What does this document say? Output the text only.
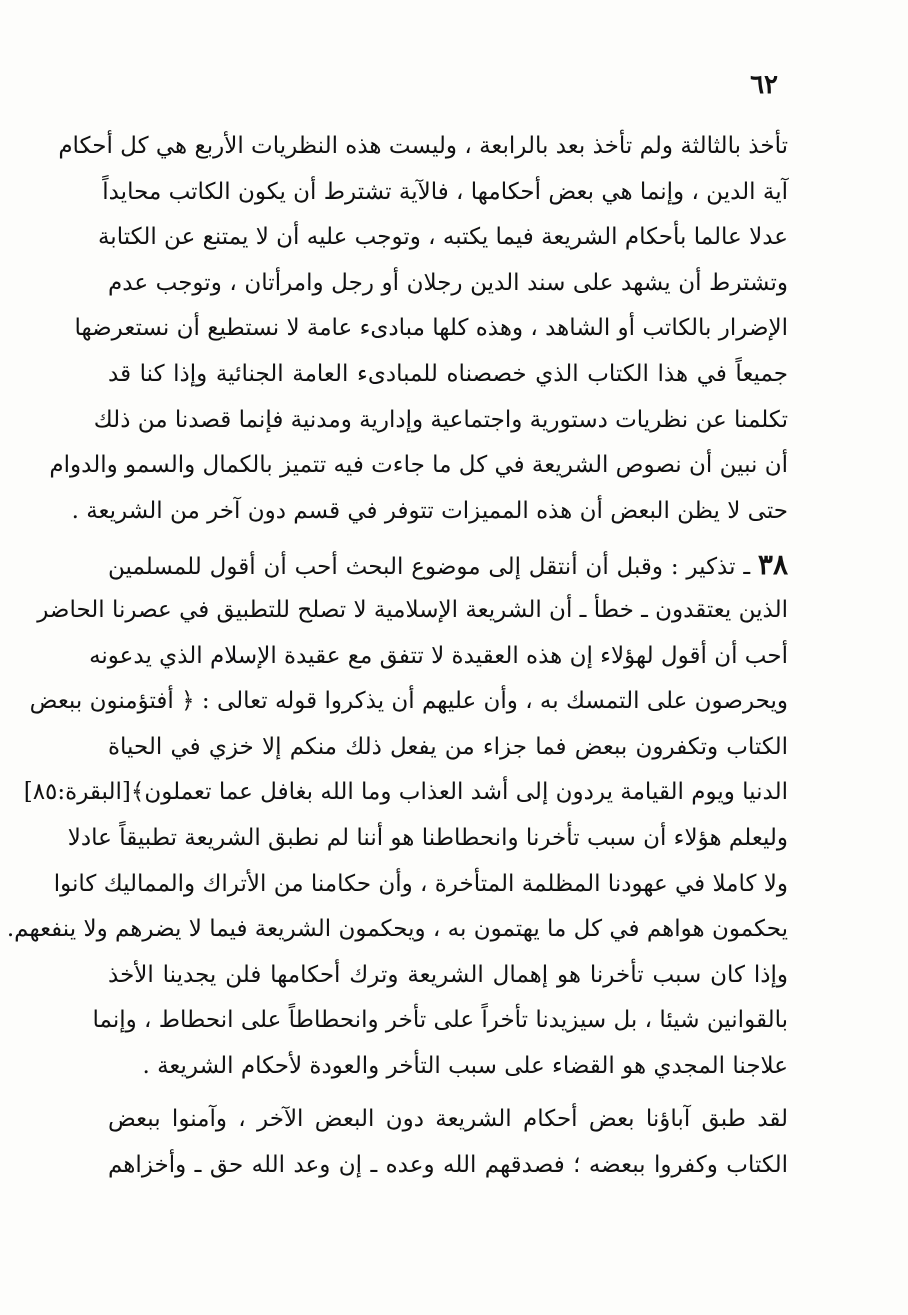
٦٢
تأخذ بالثالثة ولم تأخذ بعد بالرابعة ، وليست هذه النظريات الأربع هي كل أحكام
آية الدين ، وإنما هي بعض أحكامها ، فالآية تشترط أن يكون الكاتب محايداً
عدلا عالما بأحكام الشريعة فيما يكتبه ، وتوجب عليه أن لا يمتنع عن الكتابة
وتشترط أن يشهد على سند الدين رجلان أو رجل وامرأتان ، وتوجب عدم
الإضرار بالكاتب أو الشاهد ، وهذه كلها مبادىء عامة لا نستطيع أن نستعرضها
جميعاً في هذا الكتاب الذي خصصناه للمبادىء العامة الجنائية وإذا كنا قد
تكلمنا عن نظريات دستورية واجتماعية وإدارية ومدنية فإنما قصدنا من ذلك
أن نبين أن نصوص الشريعة في كل ما جاءت فيه تتميز بالكمال والسمو والدوام
حتى لا يظن البعض أن هذه المميزات تتوفر في قسم دون آخر من الشريعة .
٣٨ ـ تذكير : وقبل أن أنتقل إلى موضوع البحث أحب أن أقول للمسلمين
الذين يعتقدون ـ خطأ ـ أن الشريعة الإسلامية لا تصلح للتطبيق في عصرنا الحاضر
أحب أن أقول لهؤلاء إن هذه العقيدة لا تتفق مع عقيدة الإسلام الذي يدعونه
ويحرصون على التمسك به ، وأن عليهم أن يذكروا قوله تعالى : ﴿ أفتؤمنون ببعض
الكتاب وتكفرون ببعض فما جزاء من يفعل ذلك منكم إلا خزي في الحياة
الدنيا ويوم القيامة يردون إلى أشد العذاب وما الله بغافل عما تعملون﴾[البقرة:٨٥]
وليعلم هؤلاء أن سبب تأخرنا وانحطاطنا هو أننا لم نطبق الشريعة تطبيقاً عادلا
ولا كاملا في عهودنا المظلمة المتأخرة ، وأن حكامنا من الأتراك والمماليك كانوا
يحكمون هواهم في كل ما يهتمون به ، ويحكمون الشريعة فيما لا يضرهم ولا ينفعهم.
وإذا كان سبب تأخرنا هو إهمال الشريعة وترك أحكامها فلن يجدينا الأخذ
بالقوانين شيئا ، بل سيزيدنا تأخراً على تأخر وانحطاطاً على انحطاط ، وإنما
علاجنا المجدي هو القضاء على سبب التأخر والعودة لأحكام الشريعة .
لقد طبق آباؤنا بعض أحكام الشريعة دون البعض الآخر ، وآمنوا ببعض
الكتاب وكفروا ببعضه ؛ فصدقهم الله وعده ـ إن وعد الله حق ـ وأخزاهم
